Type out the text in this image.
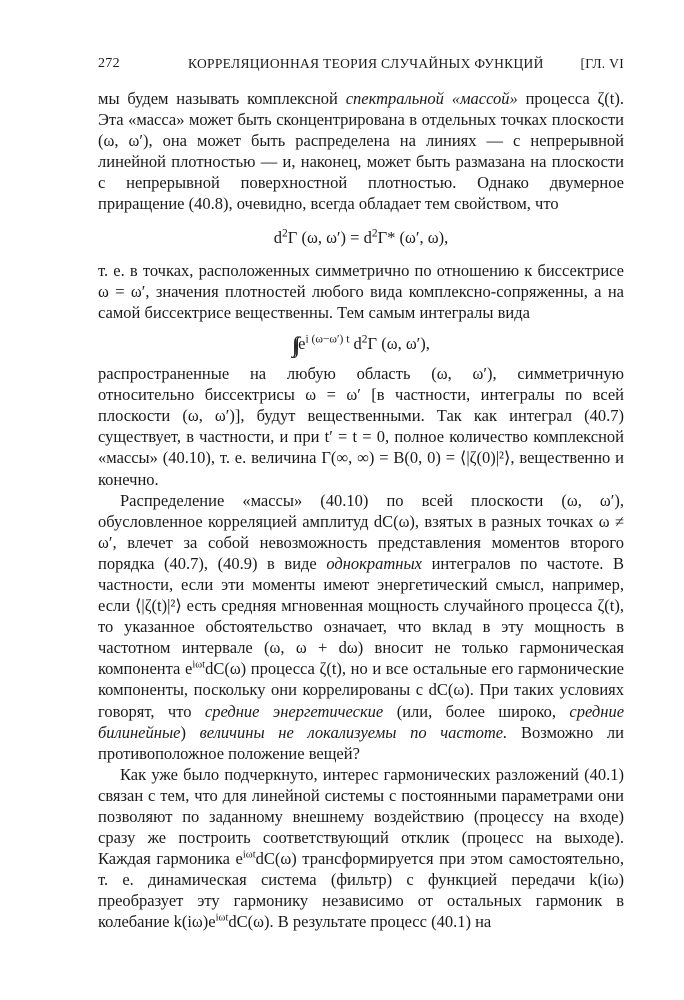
272	КОРРЕЛЯЦИОННАЯ ТЕОРИЯ СЛУЧАЙНЫХ ФУНКЦИЙ	[ГЛ. VI

мы будем называть комплексной спектральной «массой» процесса ζ(t). Эта «масса» может быть сконцентрирована в отдельных точках плоскости (ω, ω′), она может быть распределена на линиях — с непрерывной линейной плотностью — и, наконец, может быть размазана на плоскости с непрерывной поверхностной плотностью. Однако двумерное приращение (40.8), очевидно, всегда обладает тем свойством, что

$d^2\Gamma$ (ω, $\omega') = d^2\Gamma*$ (ω′, ω),

т. е. в точках, расположенных симметрично по отношению к биссектрисе ω = ω′, значения плотностей любого вида комплексно-сопряженны, а на самой биссектрисе вещественны. Тем самым интегралы вида

∫∫ $e^{i (\omega-\omega') t}$ $d^2\Gamma$ (ω, ω′),

распространенные на любую область (ω, ω′), симметричную относительно биссектрисы ω = ω′ [в частности, интегралы по всей плоскости (ω, ω′)], будут вещественными. Так как интеграл (40.7) существует, в частности, и при t′ = t = 0, полное количество комплексной «массы» (40.10), т. е. величина Γ(∞, ∞) = B(0, 0) = ⟨|ζ(0)|²⟩, вещественно и конечно.

Распределение «массы» (40.10) по всей плоскости (ω, ω′), обусловленное корреляцией амплитуд dC(ω), взятых в разных точках ω ≠ ω′, влечет за собой невозможность представления моментов второго порядка (40.7), (40.9) в виде однократных интегралов по частоте. В частности, если эти моменты имеют энергетический смысл, например, если ⟨|ζ(t)|²⟩ есть средняя мгновенная мощность случайного процесса ζ(t), то указанное обстоятельство означает, что вклад в эту мощность в частотном интервале (ω, ω + dω) вносит не только гармоническая компонента $e^{i\omega t}dC(\omega)$ процесса ζ(t), но и все остальные его гармонические компоненты, поскольку они коррелированы с dC(ω). При таких условиях говорят, что средние энергетические (или, более широко, средние билинейные) величины не локализуемы по частоте. Возможно ли противоположное положение вещей?

Как уже было подчеркнуто, интерес гармонических разложений (40.1) связан с тем, что для линейной системы с постоянными параметрами они позволяют по заданному внешнему воздействию (процессу на входе) сразу же построить соответствующий отклик (процесс на выходе). Каждая гармоника $e^{i\omega t}dC(\omega)$ трансформируется при этом самостоятельно, т. е. динамическая система (фильтр) с функцией передачи k(iω) преобразует эту гармонику независимо от остальных гармоник в колебание $k(i\omega)e^{i\omega t}dC(\omega)$. В результате процесс (40.1) на
